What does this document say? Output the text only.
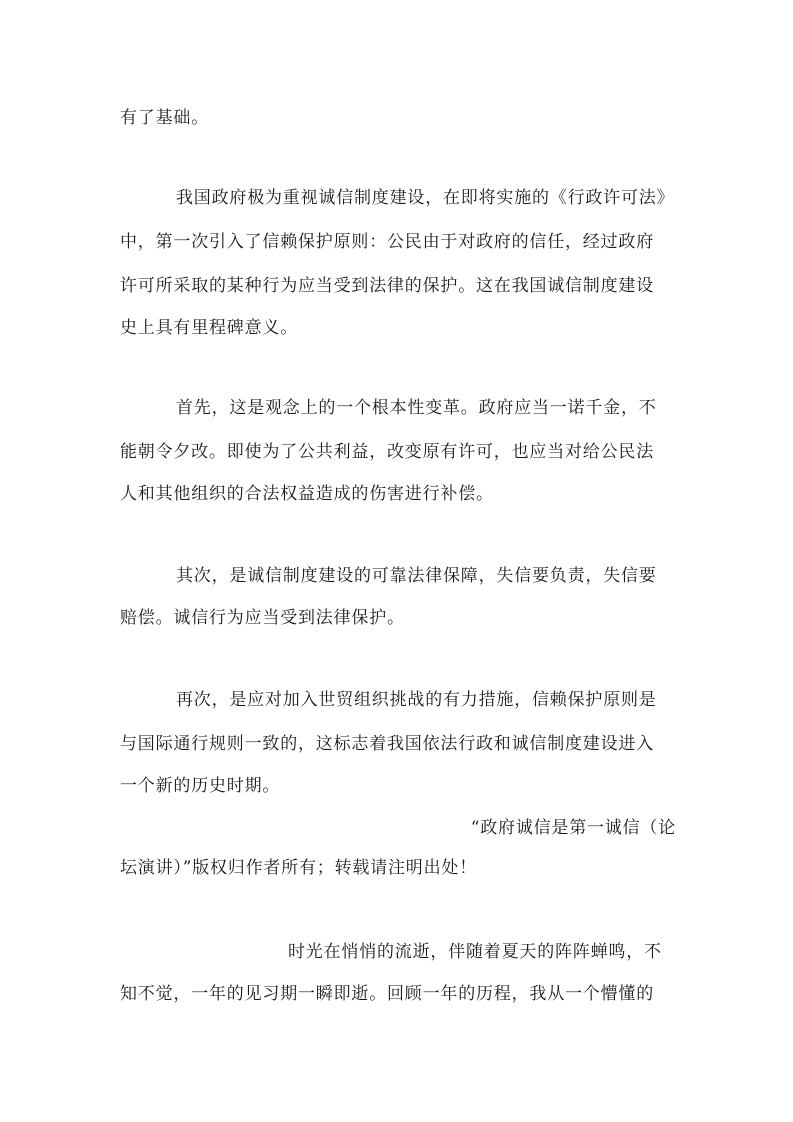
有了基础。
我国政府极为重视诚信制度建设，在即将实施的《行政许可法》
中，第一次引入了信赖保护原则：公民由于对政府的信任，经过政府
许可所采取的某种行为应当受到法律的保护。这在我国诚信制度建设
史上具有里程碑意义。
首先，这是观念上的一个根本性变革。政府应当一诺千金，不
能朝令夕改。即使为了公共利益，改变原有许可，也应当对给公民法
人和其他组织的合法权益造成的伤害进行补偿。
其次，是诚信制度建设的可靠法律保障，失信要负责，失信要
赔偿。诚信行为应当受到法律保护。
再次，是应对加入世贸组织挑战的有力措施，信赖保护原则是
与国际通行规则一致的，这标志着我国依法行政和诚信制度建设进入
一个新的历史时期。
“政府诚信是第一诚信（论
坛演讲）”版权归作者所有；转载请注明出处！
时光在悄悄的流逝，伴随着夏天的阵阵蝉鸣，不
知不觉，一年的见习期一瞬即逝。回顾一年的历程，我从一个懵懂的
